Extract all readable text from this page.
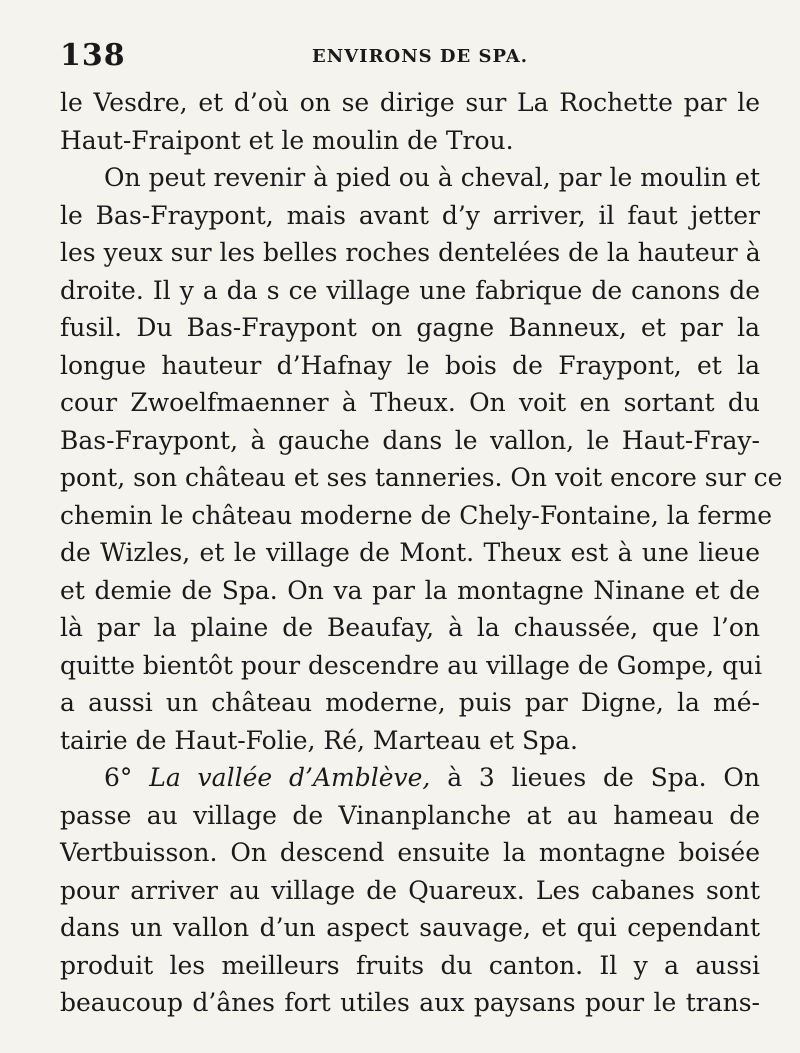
138	ENVIRONS DE SPA.
le Vesdre, et d’où on se dirige sur La Rochette par le
Haut-Fraipont et le moulin de Trou.
On peut revenir à pied ou à cheval, par le moulin et
le Bas-Fraypont, mais avant d’y arriver, il faut jetter
les yeux sur les belles roches dentelées de la hauteur à
droite. Il y a da s ce village une fabrique de canons de
fusil. Du Bas-Fraypont on gagne Banneux, et par la
longue hauteur d’Hafnay le bois de Fraypont, et la
cour Zwoelfmaenner à Theux. On voit en sortant du
Bas-Fraypont, à gauche dans le vallon, le Haut-Fray-
pont, son château et ses tanneries. On voit encore sur ce
chemin le château moderne de Chely-Fontaine, la ferme
de Wizles, et le village de Mont. Theux est à une lieue
et demie de Spa. On va par la montagne Ninane et de
là par la plaine de Beaufay, à la chaussée, que l’on
quitte bientôt pour descendre au village de Gompe, qui
a aussi un château moderne, puis par Digne, la mé-
tairie de Haut-Folie, Ré, Marteau et Spa.
6° La vallée d’Amblève, à 3 lieues de Spa. On
passe au village de Vinanplanche at au hameau de
Vertbuisson. On descend ensuite la montagne boisée
pour arriver au village de Quareux. Les cabanes sont
dans un vallon d’un aspect sauvage, et qui cependant
produit les meilleurs fruits du canton. Il y a aussi
beaucoup d’ânes fort utiles aux paysans pour le trans-
